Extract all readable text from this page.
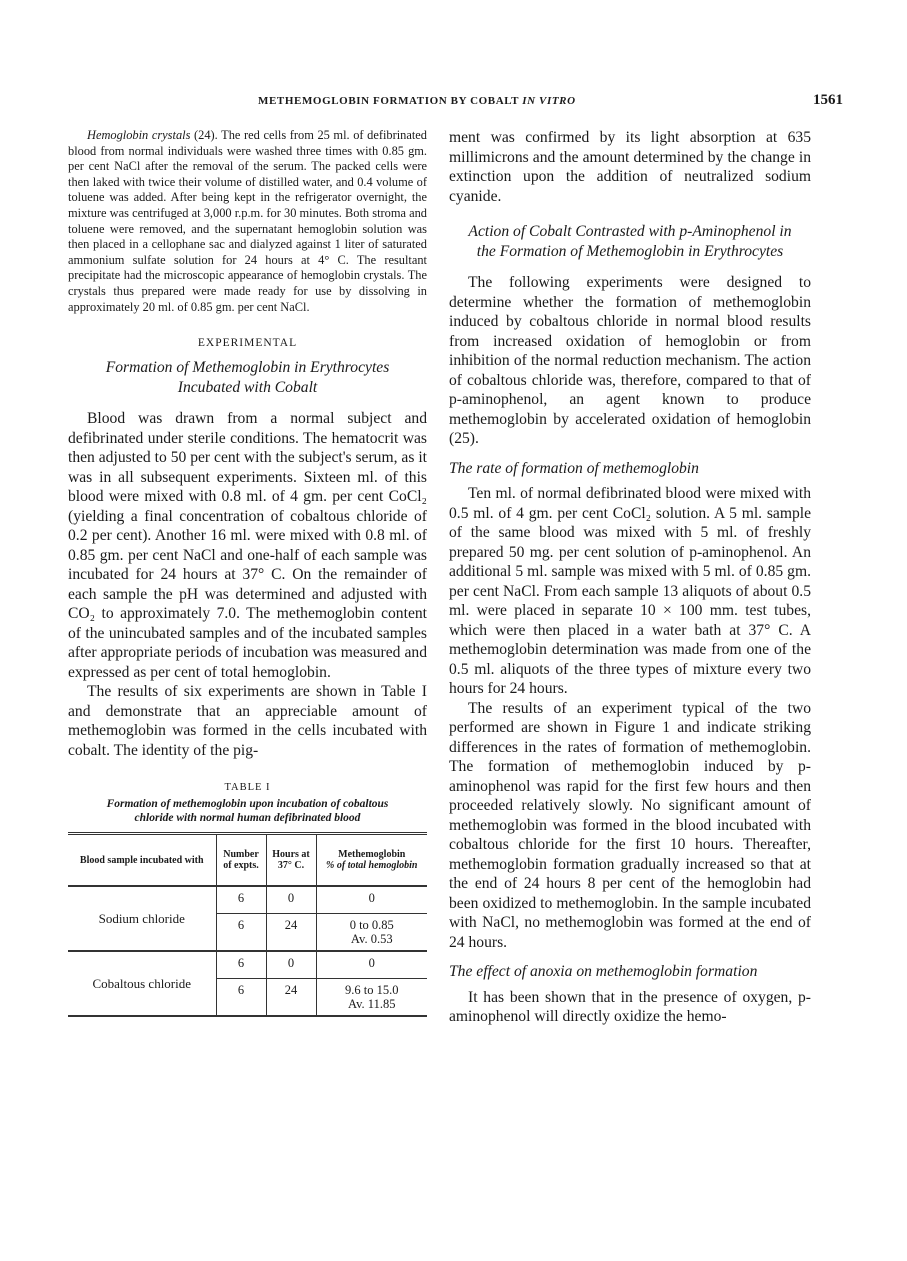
METHEMOGLOBIN FORMATION BY COBALT IN VITRO	1561

Hemoglobin crystals (24). The red cells from 25 ml. of defibrinated blood from normal individuals were washed three times with 0.85 gm. per cent NaCl after the removal of the serum. The packed cells were then laked with twice their volume of distilled water, and 0.4 volume of toluene was added. After being kept in the refrigerator overnight, the mixture was centrifuged at 3,000 r.p.m. for 30 minutes. Both stroma and toluene were removed, and the supernatant hemoglobin solution was then placed in a cellophane sac and dialyzed against 1 liter of saturated ammonium sulfate solution for 24 hours at 4° C. The resultant precipitate had the microscopic appearance of hemoglobin crystals. The crystals thus prepared were made ready for use by dissolving in approximately 20 ml. of 0.85 gm. per cent NaCl.

EXPERIMENTAL
Formation of Methemoglobin in Erythrocytes Incubated with Cobalt

Blood was drawn from a normal subject and defibrinated under sterile conditions. The hematocrit was then adjusted to 50 per cent with the subject's serum, as it was in all subsequent experiments. Sixteen ml. of this blood were mixed with 0.8 ml. of 4 gm. per cent CoCl₂ (yielding a final concentration of cobaltous chloride of 0.2 per cent). Another 16 ml. were mixed with 0.8 ml. of 0.85 gm. per cent NaCl and one-half of each sample was incubated for 24 hours at 37° C. On the remainder of each sample the pH was determined and adjusted with CO₂ to approximately 7.0. The methemoglobin content of the unincubated samples and of the incubated samples after appropriate periods of incubation was measured and expressed as per cent of total hemoglobin.

The results of six experiments are shown in Table I and demonstrate that an appreciable amount of methemoglobin was formed in the cells incubated with cobalt. The identity of the pig-

TABLE I
Formation of methemoglobin upon incubation of cobaltous chloride with normal human defibrinated blood
Blood sample incubated with	Number of expts.	Hours at 37° C.	Methemoglobin
% of total hemoglobin
Sodium chloride	6	0	0
	6	24	0 to 0.85
Av. 0.53
Cobaltous chloride	6	0	0
	6	24	9.6 to 15.0
Av. 11.85

ment was confirmed by its light absorption at 635 millimicrons and the amount determined by the change in extinction upon the addition of neutralized sodium cyanide.

Action of Cobalt Contrasted with p-Aminophenol in the Formation of Methemoglobin in Erythrocytes

The following experiments were designed to determine whether the formation of methemoglobin induced by cobaltous chloride in normal blood results from increased oxidation of hemoglobin or from inhibition of the normal reduction mechanism. The action of cobaltous chloride was, therefore, compared to that of p-aminophenol, an agent known to produce methemoglobin by accelerated oxidation of hemoglobin (25).

The rate of formation of methemoglobin

Ten ml. of normal defibrinated blood were mixed with 0.5 ml. of 4 gm. per cent CoCl₂ solution. A 5 ml. sample of the same blood was mixed with 5 ml. of freshly prepared 50 mg. per cent solution of p-aminophenol. An additional 5 ml. sample was mixed with 5 ml. of 0.85 gm. per cent NaCl. From each sample 13 aliquots of about 0.5 ml. were placed in separate 10 × 100 mm. test tubes, which were then placed in a water bath at 37° C. A methemoglobin determination was made from one of the 0.5 ml. aliquots of the three types of mixture every two hours for 24 hours.

The results of an experiment typical of the two performed are shown in Figure 1 and indicate striking differences in the rates of formation of methemoglobin. The formation of methemoglobin induced by p-aminophenol was rapid for the first few hours and then proceeded relatively slowly. No significant amount of methemoglobin was formed in the blood incubated with cobaltous chloride for the first 10 hours. Thereafter, methemoglobin formation gradually increased so that at the end of 24 hours 8 per cent of the hemoglobin had been oxidized to methemoglobin. In the sample incubated with NaCl, no methemoglobin was formed at the end of 24 hours.

The effect of anoxia on methemoglobin formation

It has been shown that in the presence of oxygen, p-aminophenol will directly oxidize the hemo-
